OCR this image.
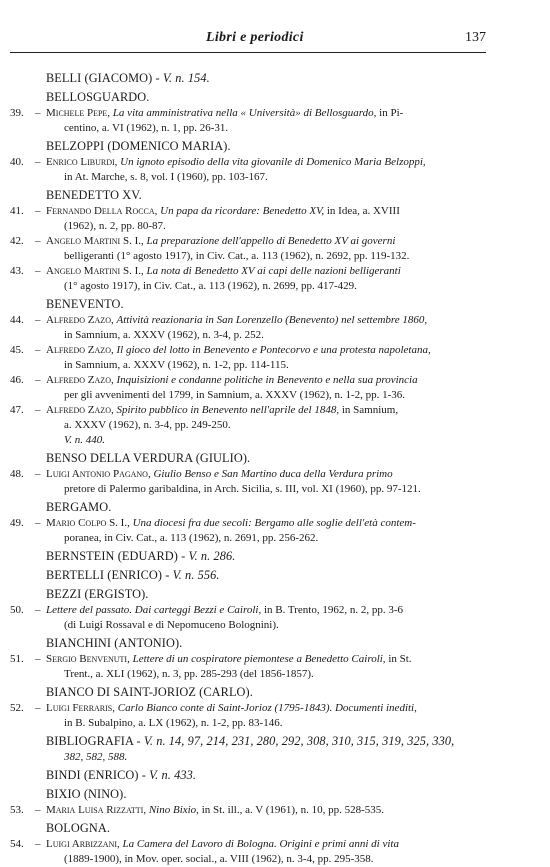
Libri e periodici	137
BELLI (GIACOMO) - V. n. 154.
BELLOSGUARDO.
39.	– Michele Pepe, La vita amministrativa nella « Università» di Bellosguardo, in Pi-
centino, a. VI (1962), n. 1, pp. 26-31.
BELZOPPI (DOMENICO MARIA).
40.	– Enrico Liburdi, Un ignoto episodio della vita giovanile di Domenico Maria Belzoppi,
in At. Marche, s. 8, vol. I (1960), pp. 103-167.
BENEDETTO XV.
41.	– Fernando Della Rocca, Un papa da ricordare: Benedetto XV, in Idea, a. XVIII
(1962), n. 2, pp. 80-87.
42.	– Angelo Martini S. I., La preparazione dell'appello di Benedetto XV ai governi
belligeranti (1° agosto 1917), in Civ. Cat., a. 113 (1962), n. 2692, pp. 119-132.
43.	– Angelo Martini S. I., La nota di Benedetto XV ai capi delle nazioni belligeranti
(1° agosto 1917), in Civ. Cat., a. 113 (1962), n. 2699, pp. 417-429.
BENEVENTO.
44.	– Alfredo Zazo, Attività reazionaria in San Lorenzello (Benevento) nel settembre 1860,
in Samnium, a. XXXV (1962), n. 3-4, p. 252.
45.	– Alfredo Zazo, Il gioco del lotto in Benevento e Pontecorvo e una protesta napoletana,
in Samnium, a. XXXV (1962), n. 1-2, pp. 114-115.
46.	– Alfredo Zazo, Inquisizioni e condanne politiche in Benevento e nella sua provincia
per gli avvenimenti del 1799, in Samnium, a. XXXV (1962), n. 1-2, pp. 1-36.
47.	– Alfredo Zazo, Spirito pubblico in Benevento nell'aprile del 1848, in Samnium,
a. XXXV (1962), n. 3-4, pp. 249-250.
V. n. 440.
BENSO DELLA VERDURA (GIULIO).
48.	– Luigi Antonio Pagano, Giulio Benso e San Martino duca della Verdura primo
pretore di Palermo garibaldina, in Arch. Sicilia, s. III, vol. XI (1960), pp. 97-121.
BERGAMO.
49.	– Mario Colpo S. I., Una diocesi fra due secoli: Bergamo alle soglie dell'età contem-
poranea, in Civ. Cat., a. 113 (1962), n. 2691, pp. 256-262.
BERNSTEIN (EDUARD) - V. n. 286.
BERTELLI (ENRICO) - V. n. 556.
BEZZI (ERGISTO).
50.	– Lettere del passato. Dai carteggi Bezzi e Cairoli, in B. Trento, 1962, n. 2, pp. 3-6
(di Luigi Rossaval e di Nepomuceno Bolognini).
BIANCHINI (ANTONIO).
51.	– Sergio Benvenuti, Lettere di un cospiratore piemontese a Benedetto Cairoli, in St.
Trent., a. XLI (1962), n. 3, pp. 285-293 (del 1856-1857).
BIANCO DI SAINT-JORIOZ (CARLO).
52.	– Luigi Ferraris, Carlo Bianco conte di Saint-Jorioz (1795-1843). Documenti inediti,
in B. Subalpino, a. LX (1962), n. 1-2, pp. 83-146.
BIBLIOGRAFIA - V. n. 14, 97, 214, 231, 280, 292, 308, 310, 315, 319, 325, 330,
382, 582, 588.
BINDI (ENRICO) - V. n. 433.
BIXIO (NINO).
53.	– Maria Luisa Rizzatti, Nino Bixio, in St. ill., a. V (1961), n. 10, pp. 528-535.
BOLOGNA.
54.	– Luigi Arbizzani, La Camera del Lavoro di Bologna. Origini e primi anni di vita
(1889-1900), in Mov. oper. social., a. VIII (1962), n. 3-4, pp. 295-358.
